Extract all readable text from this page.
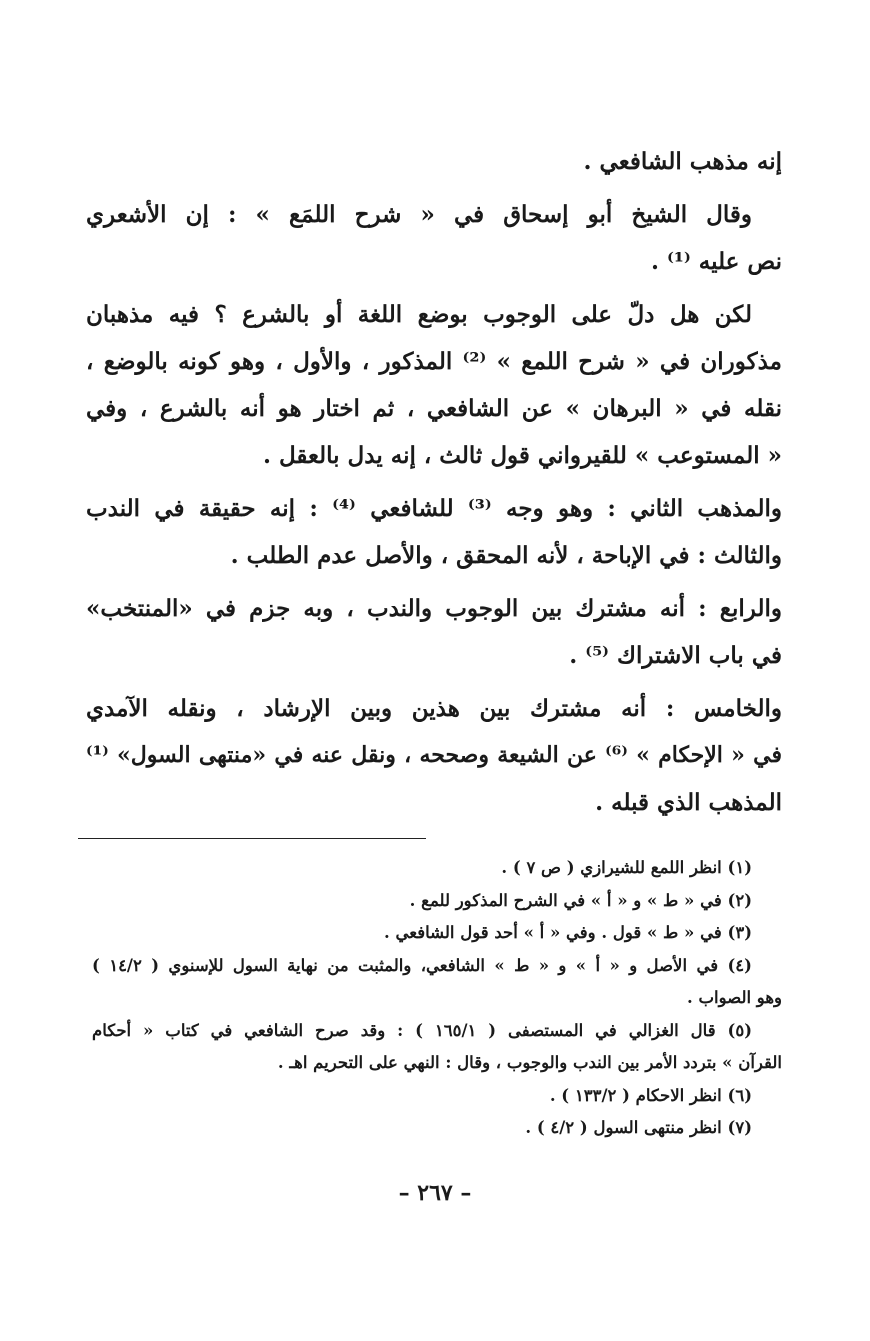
إنه مذهب الشافعي .
وقال الشيخ أبو إسحاق في « شرح اللمَع » : إن الأشعري
نص عليه ⁽¹⁾ .
لكن هل دلّ على الوجوب بوضع اللغة أو بالشرع ؟ فيه مذهبان
مذكوران في « شرح اللمع » ⁽²⁾ المذكور ، والأول ، وهو كونه بالوضع ،
نقله في « البرهان » عن الشافعي ، ثم اختار هو أنه بالشرع ، وفي
« المستوعب » للقيرواني قول ثالث ، إنه يدل بالعقل .
والمذهب الثاني : وهو وجه ⁽³⁾ للشافعي ⁽⁴⁾ : إنه حقيقة في الندب
والثالث : في الإباحة ، لأنه المحقق ، والأصل عدم الطلب .
والرابع : أنه مشترك بين الوجوب والندب ، وبه جزم في «المنتخب»
في باب الاشتراك ⁽⁵⁾ .
والخامس : أنه مشترك بين هذين وبين الإرشاد ، ونقله الآمدي
في « الإحكام » ⁽⁶⁾ عن الشيعة وصححه ، ونقل عنه في «منتهى السول» ⁽¹⁾
المذهب الذي قبله .
(١) انظر اللمع للشيرازي ( ص ٧ ) .
(٢) في « ط » و « أ » في الشرح المذكور للمع .
(٣) في « ط » قول . وفي « أ » أحد قول الشافعي .
(٤) في الأصل و « أ » و « ط » الشافعي، والمثبت من نهاية السول للإسنوي ( ١٤/٢ )
وهو الصواب .
(٥) قال الغزالي في المستصفى ( ١٦٥/١ ) : وقد صرح الشافعي في كتاب « أحكام
القرآن » بتردد الأمر بين الندب والوجوب ، وقال : النهي على التحريم اهـ .
(٦) انظر الاحكام ( ١٣٣/٢ ) .
(٧) انظر منتهى السول ( ٤/٢ ) .
– ٢٦٧ –
